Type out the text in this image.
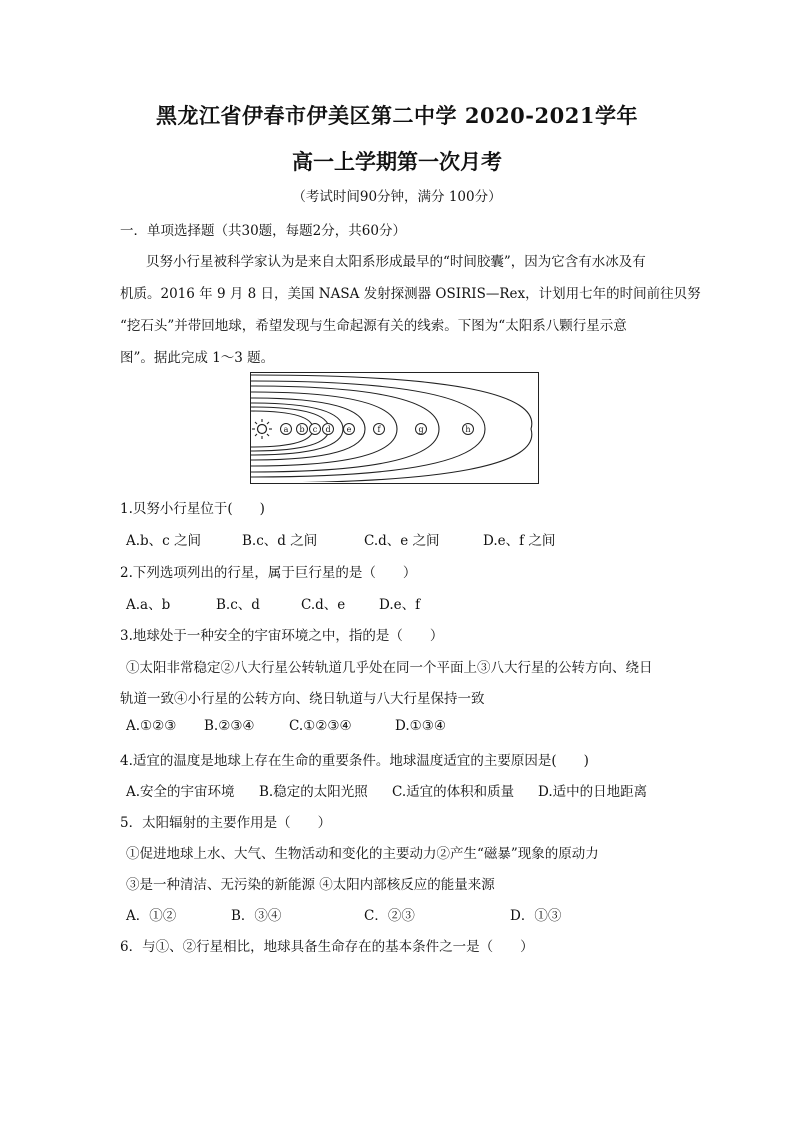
黑龙江省伊春市伊美区第二中学 2020-2021学年
高一上学期第一次月考
（考试时间90分钟，满分 100分）
一．单项选择题（共30题，每题2分，共60分）
贝努小行星被科学家认为是来自太阳系形成最早的“时间胶囊”，因为它含有水冰及有
机质。2016 年 9 月 8 日，美国 NASA 发射探测器 OSIRIS—Rex，计划用七年的时间前往贝努
“挖石头”并带回地球，希望发现与生命起源有关的线索。下图为“太阳系八颗行星示意
图”。据此完成 1～3 题。
a b c d e	f	g	h
1.贝努小行星位于(　　)
A.b、c 之间	B.c、d 之间	C.d、e 之间	D.e、f 之间
2.下列选项列出的行星，属于巨行星的是（　　）
A.a、b	B.c、d	C.d、e D.e、f
3.地球处于一种安全的宇宙环境之中，指的是（　　）
①太阳非常稳定②八大行星公转轨道几乎处在同一个平面上③八大行星的公转方向、绕日
轨道一致④小行星的公转方向、绕日轨道与八大行星保持一致
A.①②③ B.②③④	C.①②③④	D.①③④
4.适宜的温度是地球上存在生命的重要条件。地球温度适宜的主要原因是(　　)
A.安全的宇宙环境 B.稳定的太阳光照 C.适宜的体积和质量 D.适中的日地距离
5．太阳辐射的主要作用是（　　）
①促进地球上水、大气、生物活动和变化的主要动力②产生“磁暴”现象的原动力
③是一种清洁、无污染的新能源 ④太阳内部核反应的能量来源
A．①②	B．③④	C．②③	D．①③
6．与①、②行星相比，地球具备生命存在的基本条件之一是（　　）
